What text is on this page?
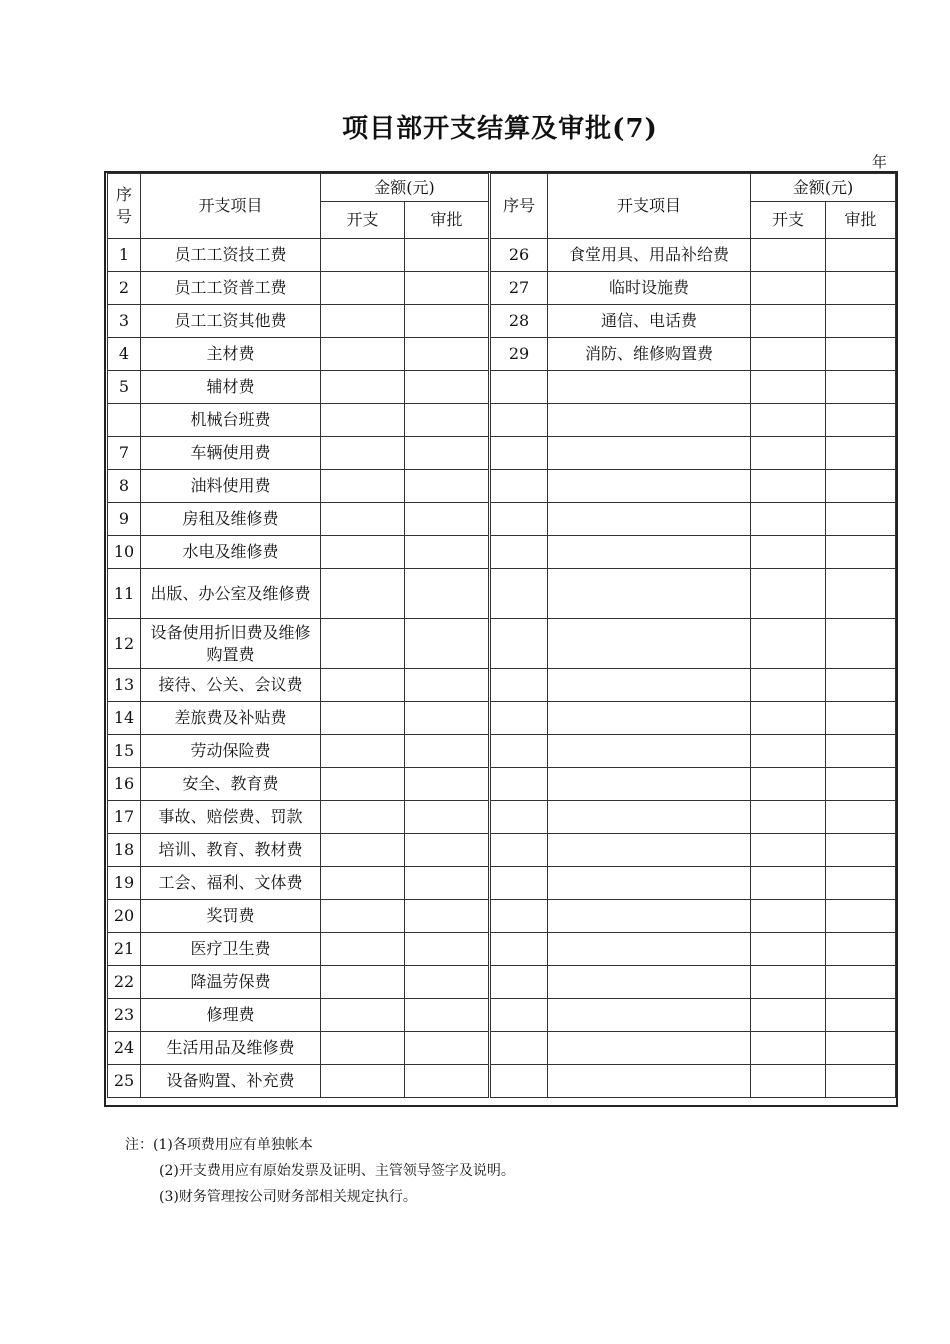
项目部开支结算及审批(7)
年
序
号	开支项目	金额(元)	
		开支	审批
1	员工工资技工费		
2	员工工资普工费		
3	员工工资其他费		
4	主材费		
5	辅材费		
	机械台班费		
7	车辆使用费		
8	油料使用费		
9	房租及维修费		
10	水电及维修费		
11	出版、办公室及维修费		
12	设备使用折旧费及维修购置费		
13	接待、公关、会议费		
14	差旅费及补贴费		
15	劳动保险费		
16	安全、教育费		
17	事故、赔偿费、罚款		
18	培训、教育、教材费		
19	工会、福利、文体费		
20	奖罚费		
21	医疗卫生费		
22	降温劳保费		
23	修理费		
24	生活用品及维修费		
25	设备购置、补充费		
序号	开支项目	金额(元)	
		开支	审批
26	食堂用具、用品补给费		
27	临时设施费		
28	通信、电话费		
29	消防、维修购置费		

注：(1)各项费用应有单独帐本
(2)开支费用应有原始发票及证明、主管领导签字及说明。
(3)财务管理按公司财务部相关规定执行。
